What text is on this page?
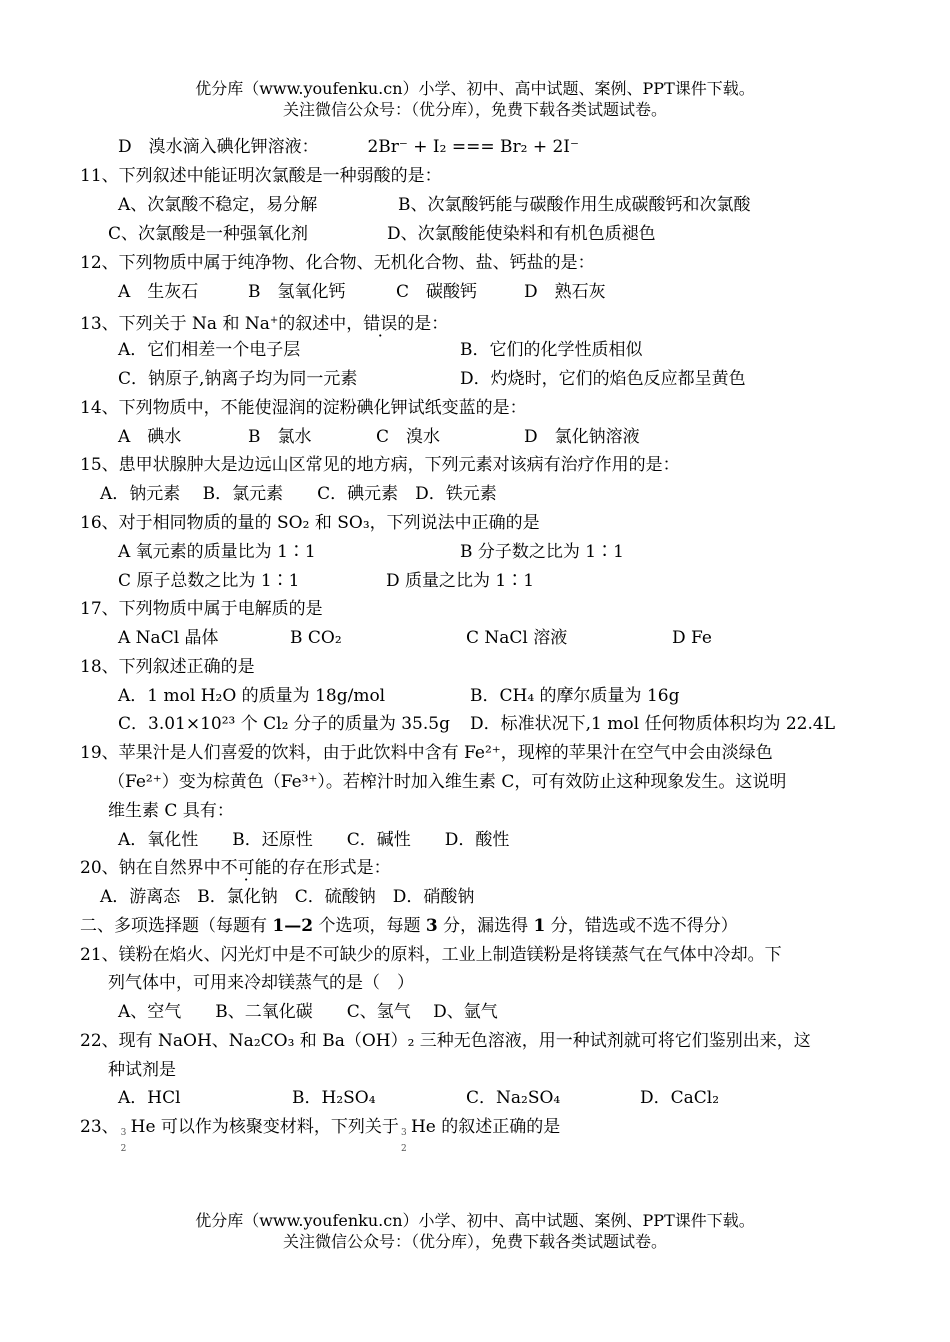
优分库（www.youfenku.cn）小学、初中、高中试题、案例、PPT课件下载。
关注微信公众号：（优分库），免费下载各类试题试卷。
D　溴水滴入碘化钾溶液：	2Br⁻ + I₂ === Br₂ + 2I⁻
11、下列叙述中能证明次氯酸是一种弱酸的是：
A、次氯酸不稳定，易分解	B、次氯酸钙能与碳酸作用生成碳酸钙和次氯酸
C、次氯酸是一种强氧化剂	D、次氯酸能使染料和有机色质褪色
12、下列物质中属于纯净物、化合物、无机化合物、盐、钙盐的是：
A　生灰石	B　氢氧化钙	C　碳酸钙	D　熟石灰
13、下列关于 Na 和 Na+的叙述中，错误的是：
A．它们相差一个电子层	B．它们的化学性质相似
C．钠原子,钠离子均为同一元素	D．灼烧时，它们的焰色反应都呈黄色
14、下列物质中，不能使湿润的淀粉碘化钾试纸变蓝的是：
A　碘水	B　氯水	C　溴水	D　氯化钠溶液
15、患甲状腺肿大是边远山区常见的地方病，下列元素对该病有治疗作用的是：
A．钠元素　 B．氯元素　　C．碘元素　D．铁元素
16、对于相同物质的量的 SO₂ 和 SO₃，下列说法中正确的是
A 氧元素的质量比为 1∶1	B 分子数之比为 1∶1
C 原子总数之比为 1∶1	D 质量之比为 1∶1
17、下列物质中属于电解质的是
A NaCl 晶体	B CO₂	C NaCl 溶液	D Fe
18、下列叙述正确的是
A．1 mol H₂O 的质量为 18g/mol	B．CH₄ 的摩尔质量为 16g
C．3.01×10²³ 个 Cl₂ 分子的质量为 35.5g D．标准状况下,1 mol 任何物质体积均为 22.4L
19、苹果汁是人们喜爱的饮料，由于此饮料中含有 Fe²⁺，现榨的苹果汁在空气中会由淡绿色
（Fe²⁺）变为棕黄色（Fe³⁺）。若榨汁时加入维生素 C，可有效防止这种现象发生。这说明
维生素 C 具有：
A．氧化性　　B．还原性　　C．碱性　　D．酸性
20、钠在自然界中不可能的存在形式是：
A．游离态　B．氯化钠　C．硫酸钠　D．硝酸钠
二、多项选择题（每题有 1—2 个选项，每题 3 分，漏选得 1 分，错选或不选不得分）
21、镁粉在焰火、闪光灯中是不可缺少的原料，工业上制造镁粉是将镁蒸气在气体中冷却。下
列气体中，可用来冷却镁蒸气的是（　）
A、空气　　B、二氧化碳　　C、氢气　 D、氩气
22、现有 NaOH、Na₂CO₃ 和 Ba（OH）₂ 三种无色溶液，用一种试剂就可将它们鉴别出来，这
种试剂是
A．HCl	B．H₂SO₄	C．Na₂SO₄	D．CaCl₂
23、 3
2
He 可以作为核聚变材料，下列关于 3
2
He 的叙述正确的是
优分库（www.youfenku.cn）小学、初中、高中试题、案例、PPT课件下载。
关注微信公众号：（优分库），免费下载各类试题试卷。
